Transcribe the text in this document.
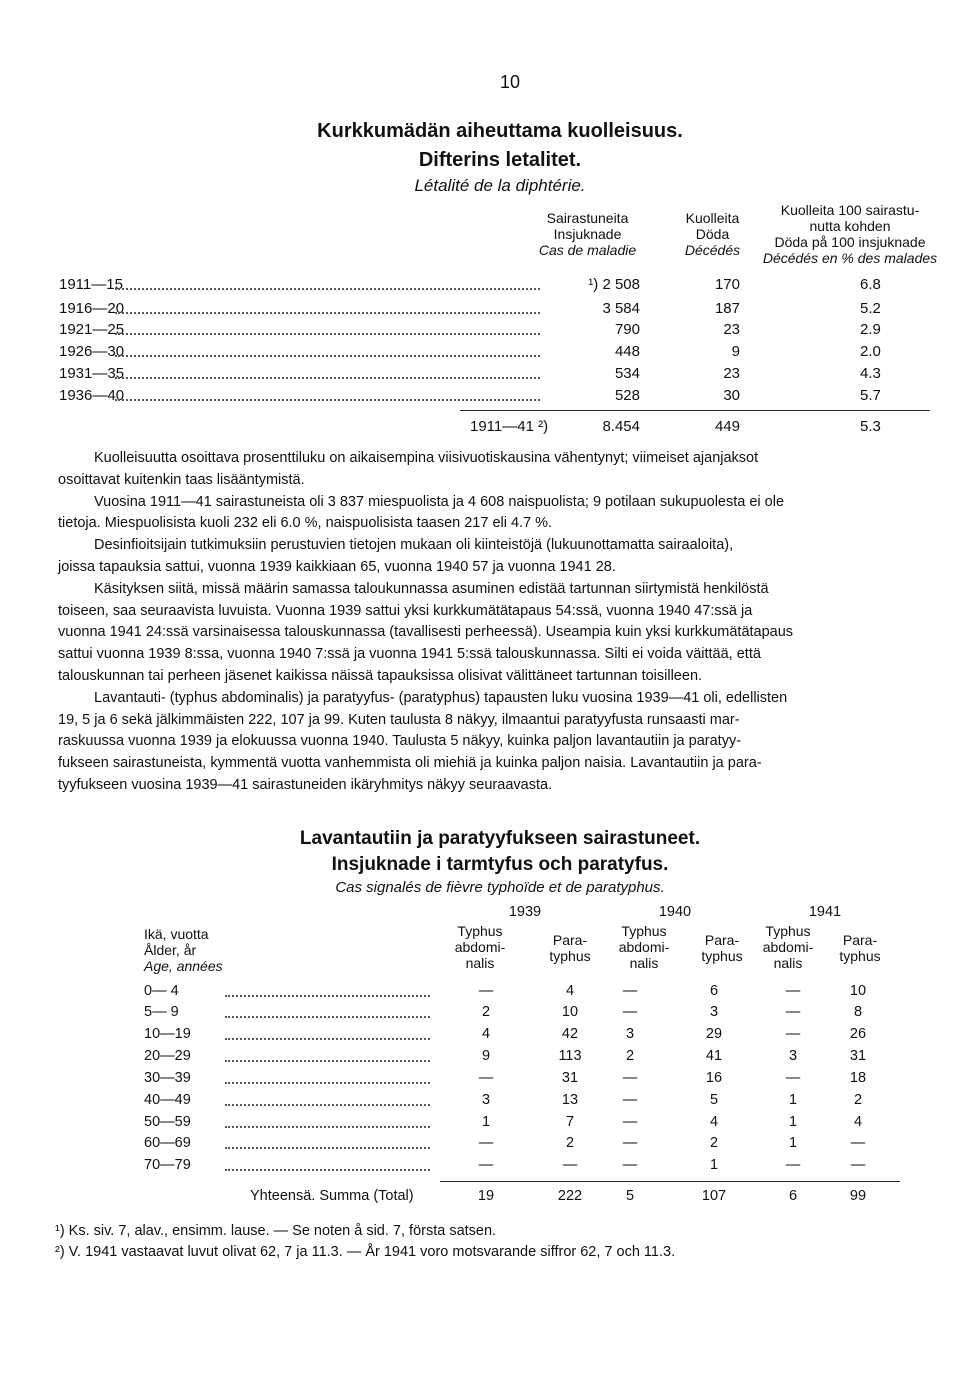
10
Kurkkumädän aiheuttama kuolleisuus.
Difterins letalitet.
Létalité de la diphtérie.
Sairastuneita
Insjuknade
Cas de maladie
Kuolleita
Döda
Décédés
Kuolleita 100 sairastu-
nutta kohden
Döda på 100 insjuknade
Décédés en % des malades
1911—15	¹) 2 508	170	6.8
1916—20	3 584	187	5.2
1921—25	790	23	2.9
1926—30	448	9	2.0
1931—35	534	23	4.3
1936—40	528	30	5.7
1911—41 ²)	8.454	449	5.3
Kuolleisuutta osoittava prosenttiluku on aikaisempina viisivuotiskausina vähentynyt; viimeiset ajanjaksot
osoittavat kuitenkin taas lisääntymistä.
Vuosina 1911—41 sairastuneista oli 3 837 miespuolista ja 4 608 naispuolista; 9 potilaan sukupuolesta ei ole
tietoja. Miespuolisista kuoli 232 eli 6.0 %, naispuolisista taasen 217 eli 4.7 %.
Desinfioitsijain tutkimuksiin perustuvien tietojen mukaan oli kiinteistöjä (lukuunottamatta sairaaloita),
joissa tapauksia sattui, vuonna 1939 kaikkiaan 65, vuonna 1940 57 ja vuonna 1941 28.
Käsityksen siitä, missä määrin samassa taloukunnassa asuminen edistää tartunnan siirtymistä henkilöstä
toiseen, saa seuraavista luvuista. Vuonna 1939 sattui yksi kurkkumätätapaus 54:ssä, vuonna 1940 47:ssä ja
vuonna 1941 24:ssä varsinaisessa talouskunnassa (tavallisesti perheessä). Useampia kuin yksi kurkkumätätapaus
sattui vuonna 1939 8:ssa, vuonna 1940 7:ssä ja vuonna 1941 5:ssä talouskunnassa. Silti ei voida väittää, että
talouskunnan tai perheen jäsenet kaikissa näissä tapauksissa olisivat välittäneet tartunnan toisilleen.
Lavantauti- (typhus abdominalis) ja paratyyfus- (paratyphus) tapausten luku vuosina 1939—41 oli, edellisten
19, 5 ja 6 sekä jälkimmäisten 222, 107 ja 99. Kuten taulusta 8 näkyy, ilmaantui paratyyfusta runsaasti mar-
raskuussa vuonna 1939 ja elokuussa vuonna 1940. Taulusta 5 näkyy, kuinka paljon lavantautiin ja paratyy-
fukseen sairastuneista, kymmentä vuotta vanhemmista oli miehiä ja kuinka paljon naisia. Lavantautiin ja para-
tyyfukseen vuosina 1939—41 sairastuneiden ikäryhmitys näkyy seuraavasta.
Lavantautiin ja paratyyfukseen sairastuneet.
Insjuknade i tarmtyfus och paratyfus.
Cas signalés de fièvre typhoïde et de paratyphus.
1939	1940	1941
Ikä, vuotta
Ålder, år
Age, années
Typhus
abdomi-
nalis
Para-
typhus
Typhus
abdomi-
nalis
Para-
typhus
Typhus
abdomi-
nalis
Para-
typhus
0— 4	—	4	—	6	—	10
5— 9	2	10	—	3	—	8
10—19	4	42	3	29	—	26
20—29	9	113	2	41	3	31
30—39	—	31	—	16	—	18
40—49	3	13	—	5	1	2
50—59	1	7	—	4	1	4
60—69	—	2	—	2	1	—
70—79	—	—	—	1	—	—
Yhteensä. Summa (Total)	19	222	5	107	6	99
¹) Ks. siv. 7, alav., ensimm. lause. — Se noten å sid. 7, första satsen.
²) V. 1941 vastaavat luvut olivat 62, 7 ja 11.3. — År 1941 voro motsvarande siffror 62, 7 och 11.3.
